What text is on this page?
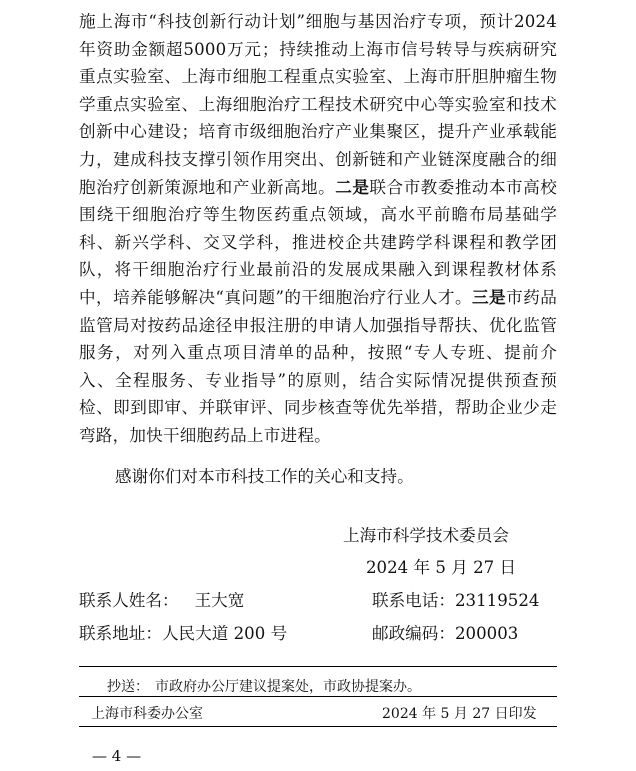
施上海市“科技创新行动计划”细胞与基因治疗专项，预计2024年资助金额超5000万元；持续推动上海市信号转导与疾病研究重点实验室、上海市细胞工程重点实验室、上海市肝胆肿瘤生物学重点实验室、上海细胞治疗工程技术研究中心等实验室和技术创新中心建设；培育市级细胞治疗产业集聚区，提升产业承载能力，建成科技支撑引领作用突出、创新链和产业链深度融合的细胞治疗创新策源地和产业新高地。二是联合市教委推动本市高校围绕干细胞治疗等生物医药重点领域，高水平前瞻布局基础学科、新兴学科、交叉学科，推进校企共建跨学科课程和教学团队，将干细胞治疗行业最前沿的发展成果融入到课程教材体系中，培养能够解决“真问题”的干细胞治疗行业人才。三是市药品监管局对按药品途径申报注册的申请人加强指导帮扶、优化监管服务，对列入重点项目清单的品种，按照“专人专班、提前介入、全程服务、专业指导”的原则，结合实际情况提供预查预检、即到即审、并联审评、同步核查等优先举措，帮助企业少走弯路，加快干细胞药品上市进程。

感谢你们对本市科技工作的关心和支持。
上海市科学技术委员会
2024 年 5 月 27 日
联系人姓名： 王大宽	联系电话：23119524
联系地址：人民大道 200 号	邮政编码：200003
抄送： 市政府办公厅建议提案处，市政协提案办。
上海市科委办公室	2024 年 5 月 27 日印发
— 4 —
